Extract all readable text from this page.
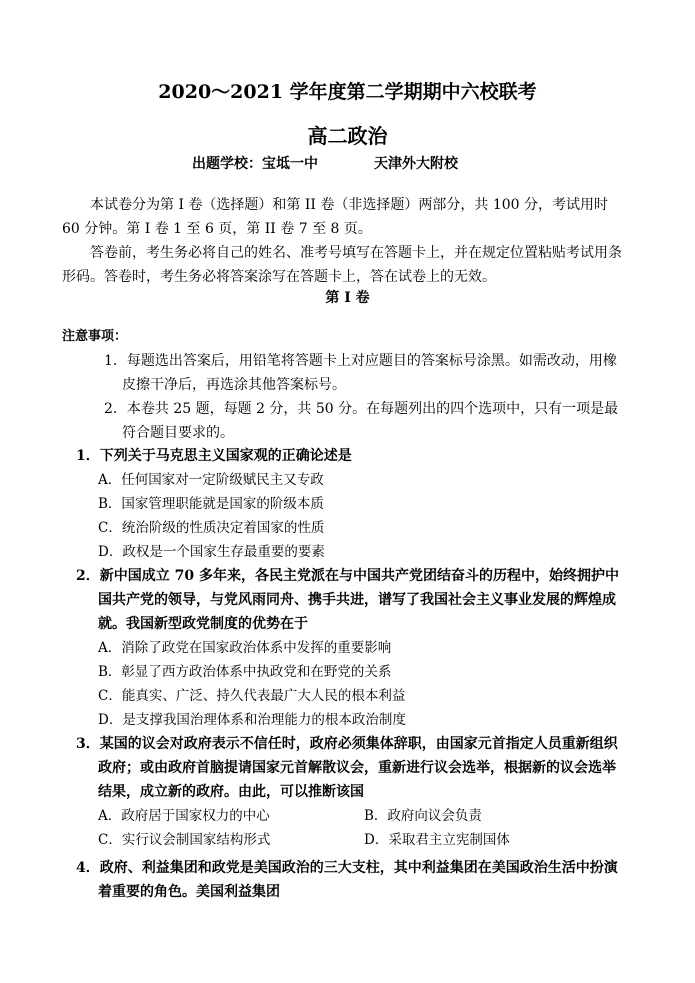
2020～2021 学年度第二学期期中六校联考
高二政治
出题学校：宝坻一中	天津外大附校

本试卷分为第 I 卷（选择题）和第 II 卷（非选择题）两部分，共 100 分，考试用时 60 分钟。第 I 卷 1 至 6 页，第 II 卷 7 至 8 页。

答卷前，考生务必将自己的姓名、准考号填写在答题卡上，并在规定位置粘贴考试用条形码。答卷时，考生务必将答案涂写在答题卡上，答在试卷上的无效。

第 Ⅰ 卷
注意事项：
1．每题选出答案后，用铅笔将答题卡上对应题目的答案标号涂黑。如需改动，用橡
皮擦干净后，再选涂其他答案标号。
2．本卷共 25 题，每题 2 分，共 50 分。在每题列出的四个选项中，只有一项是最
符合题目要求的。
1．下列关于马克思主义国家观的正确论述是
A．任何国家对一定阶级赋民主又专政
B．国家管理职能就是国家的阶级本质
C．统治阶级的性质决定着国家的性质
D．政权是一个国家生存最重要的要素
2．新中国成立 70 多年来，各民主党派在与中国共产党团结奋斗的历程中，始终拥护中
国共产党的领导，与党风雨同舟、携手共进，谱写了我国社会主义事业发展的辉煌成
就。我国新型政党制度的优势在于
A．消除了政党在国家政治体系中发挥的重要影响
B．彰显了西方政治体系中执政党和在野党的关系
C．能真实、广泛、持久代表最广大人民的根本利益
D．是支撑我国治理体系和治理能力的根本政治制度
3．某国的议会对政府表示不信任时，政府必须集体辞职，由国家元首指定人员重新组织
政府；或由政府首脑提请国家元首解散议会，重新进行议会选举，根据新的议会选举
结果，成立新的政府。由此，可以推断该国
A．政府居于国家权力的中心	B．政府向议会负责
C．实行议会制国家结构形式	D．采取君主立宪制国体
4．政府、利益集团和政党是美国政治的三大支柱，其中利益集团在美国政治生活中扮演
着重要的角色。美国利益集团
